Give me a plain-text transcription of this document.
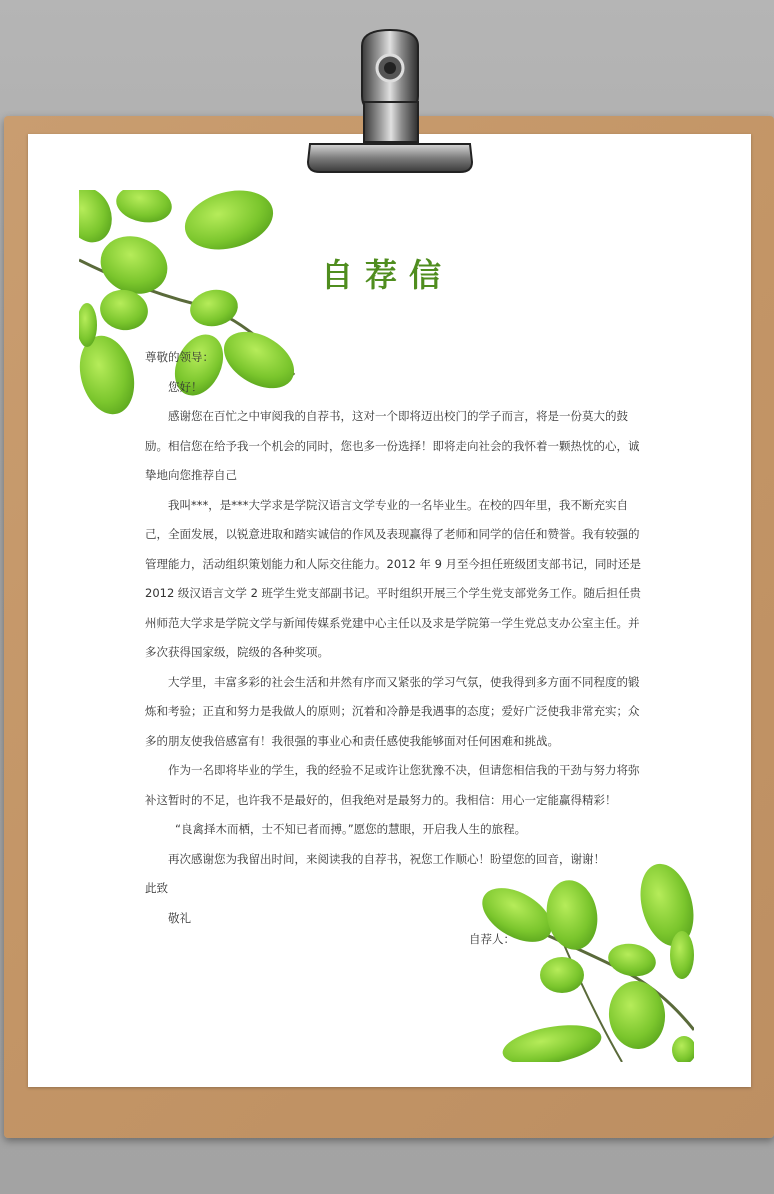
自荐信

尊敬的领导：

您好！

感谢您在百忙之中审阅我的自荐书，这对一个即将迈出校门的学子而言，将是一份莫大的鼓励。相信您在给予我一个机会的同时，您也多一份选择！即将走向社会的我怀着一颗热忱的心，诚挚地向您推荐自己

我叫***，是***大学求是学院汉语言文学专业的一名毕业生。在校的四年里，我不断充实自己，全面发展，以锐意进取和踏实诚信的作风及表现赢得了老师和同学的信任和赞誉。我有较强的管理能力，活动组织策划能力和人际交往能力。2012 年 9 月至今担任班级团支部书记，同时还是 2012 级汉语言文学 2 班学生党支部副书记。平时组织开展三个学生党支部党务工作。随后担任贵州师范大学求是学院文学与新闻传媒系党建中心主任以及求是学院第一学生党总支办公室主任。并多次获得国家级，院级的各种奖项。

大学里，丰富多彩的社会生活和井然有序而又紧张的学习气氛，使我得到多方面不同程度的锻炼和考验；正直和努力是我做人的原则；沉着和冷静是我遇事的态度；爱好广泛使我非常充实；众多的朋友使我倍感富有！我很强的事业心和责任感使我能够面对任何困难和挑战。

作为一名即将毕业的学生，我的经验不足或许让您犹豫不决，但请您相信我的干劲与努力将弥补这暂时的不足，也许我不是最好的，但我绝对是最努力的。我相信：用心一定能赢得精彩！

“良禽择木而栖，士不知已者而搏。”愿您的慧眼，开启我人生的旅程。

再次感谢您为我留出时间，来阅读我的自荐书，祝您工作顺心！盼望您的回音，谢谢！

此致

敬礼

自荐人：
